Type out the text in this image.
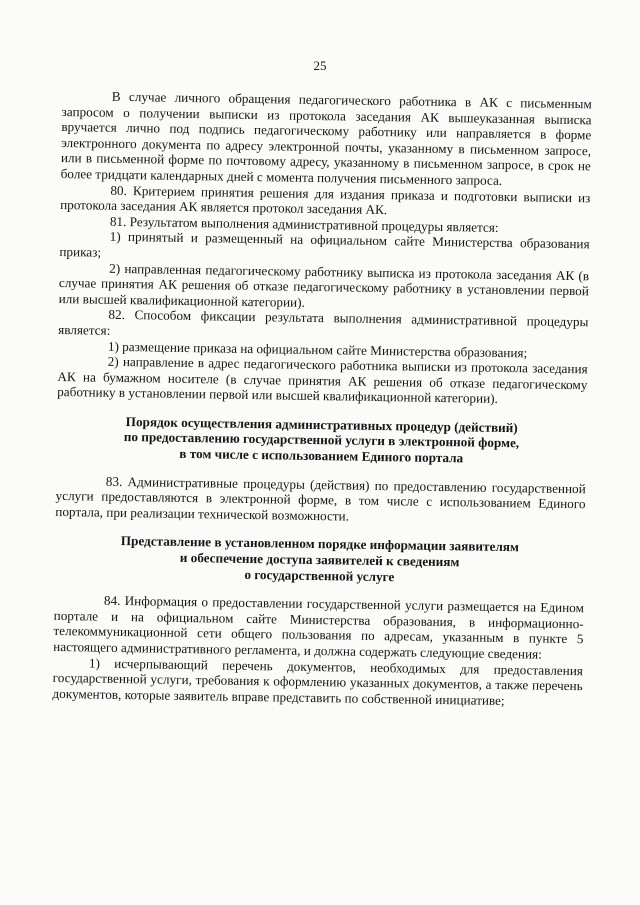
25

В случае личного обращения педагогического работника в АК с письменным запросом о получении выписки из протокола заседания АК вышеуказанная выписка вручается лично под подпись педагогическому работнику или направляется в форме электронного документа по адресу электронной почты, указанному в письменном запросе, или в письменной форме по почтовому адресу, указанному в письменном запросе, в срок не более тридцати календарных дней с момента получения письменного запроса.

80. Критерием принятия решения для издания приказа и подготовки выписки из протокола заседания АК является протокол заседания АК.

81. Результатом выполнения административной процедуры является:

1) принятый и размещенный на официальном сайте Министерства образования приказ;

2) направленная педагогическому работнику выписка из протокола заседания АК (в случае принятия АК решения об отказе педагогическому работнику в установлении первой или высшей квалификационной категории).

82. Способом фиксации результата выполнения административной процедуры является:

1) размещение приказа на официальном сайте Министерства образования;

2) направление в адрес педагогического работника выписки из протокола заседания АК на бумажном носителе (в случае принятия АК решения об отказе педагогическому работнику в установлении первой или высшей квалификационной категории).

Порядок осуществления административных процедур (действий)
по предоставлению государственной услуги в электронной форме,
в том числе с использованием Единого портала

83. Административные процедуры (действия) по предоставлению государственной услуги предоставляются в электронной форме, в том числе с использованием Единого портала, при реализации технической возможности.

Представление в установленном порядке информации заявителям
и обеспечение доступа заявителей к сведениям
о государственной услуге

84. Информация о предоставлении государственной услуги размещается на Едином портале и на официальном сайте Министерства образования, в информационно-телекоммуникационной сети общего пользования по адресам, указанным в пункте 5 настоящего административного регламента, и должна содержать следующие сведения:

1) исчерпывающий перечень документов, необходимых для предоставления государственной услуги, требования к оформлению указанных документов, а также перечень документов, которые заявитель вправе представить по собственной инициативе;
